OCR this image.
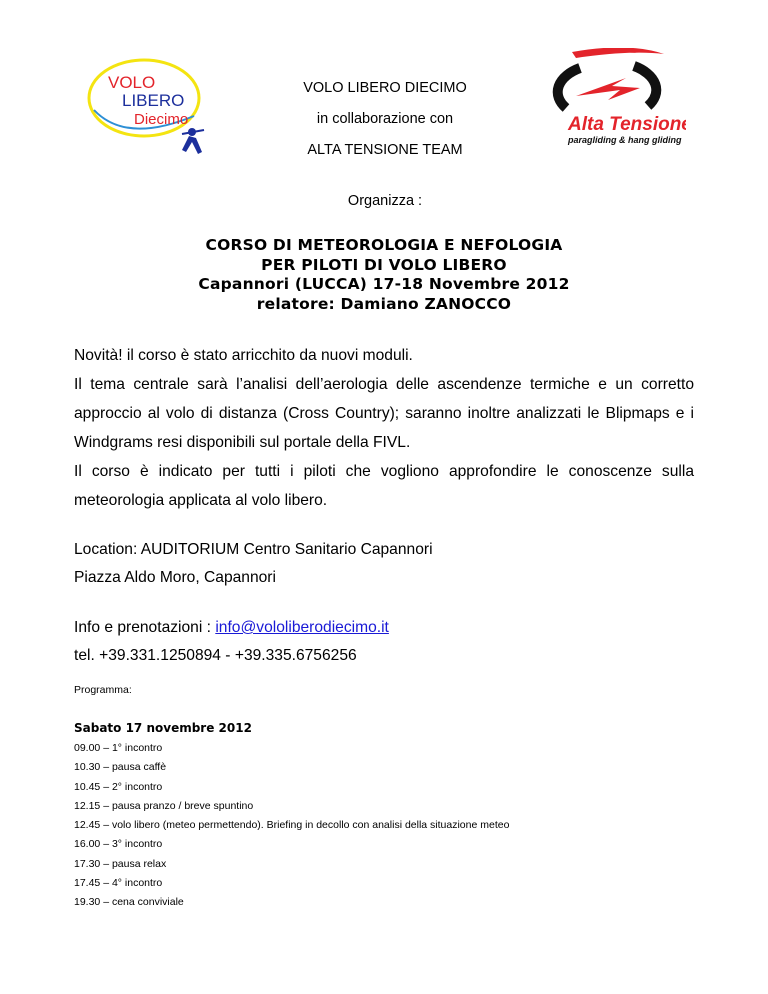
VOLO
LIBERO
Diecimo	Alta Tensione
paragliding & hang gliding
VOLO LIBERO DIECIMO
in collaborazione con
ALTA TENSIONE TEAM
Organizza :
CORSO DI METEOROLOGIA E NEFOLOGIA
PER PILOTI DI VOLO LIBERO
Capannori (LUCCA) 17-18 Novembre 2012
relatore: Damiano ZANOCCO

Novità! il corso è stato arricchito da nuovi moduli.

Il tema centrale sarà l’analisi dell’aerologia delle ascendenze termiche e un corretto approccio al volo di distanza (Cross Country); saranno inoltre analizzati le Blipmaps e i Windgrams resi disponibili sul portale della FIVL.

Il corso è indicato per tutti i piloti che vogliono approfondire le conoscenze sulla meteorologia applicata al volo libero.

Location: AUDITORIUM Centro Sanitario Capannori
Piazza Aldo Moro, Capannori
Info e prenotazioni : info@vololiberodiecimo.it
tel. +39.331.1250894 - +39.335.6756256
Programma:
Sabato 17 novembre 2012
09.00 – 1° incontro
10.30 – pausa caffè
10.45 – 2° incontro
12.15 – pausa pranzo / breve spuntino
12.45 – volo libero (meteo permettendo). Briefing in decollo con analisi della situazione meteo
16.00 – 3° incontro
17.30 – pausa relax
17.45 – 4° incontro
19.30 – cena conviviale
